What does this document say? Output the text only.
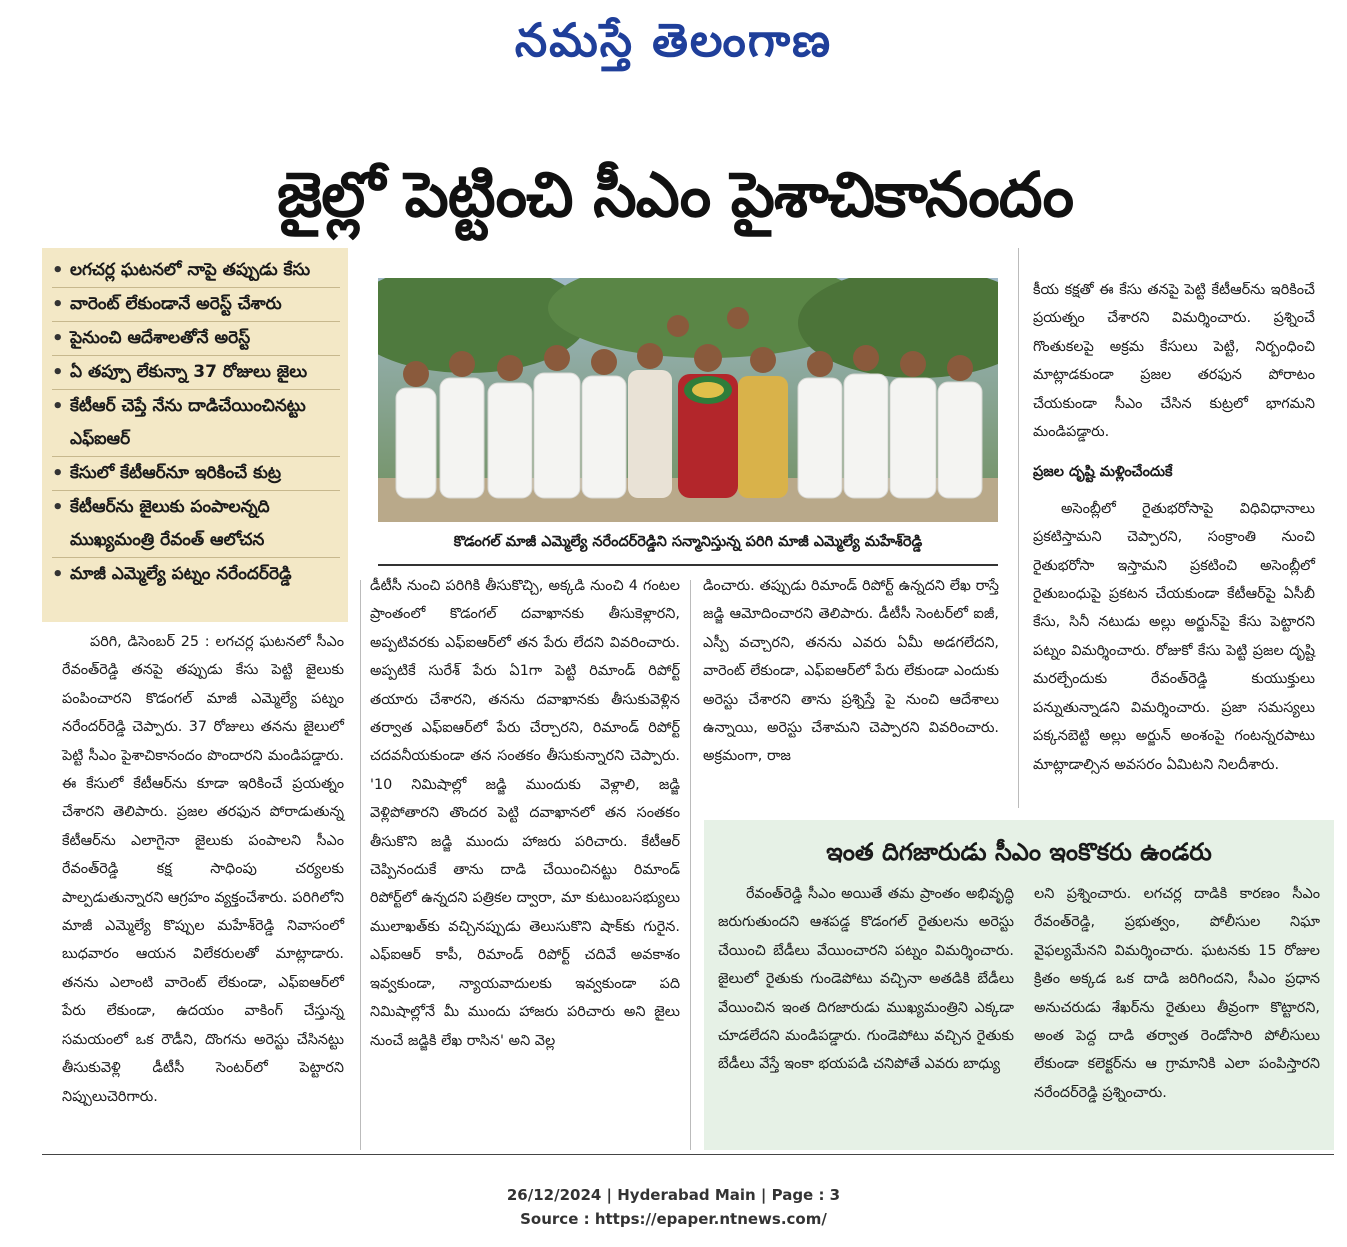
నమస్తే తెలంగాణ
జైల్లో పెట్టించి సీఎం పైశాచికానందం
• లగచర్ల ఘటనలో నాపై తప్పుడు కేసు
• వారెంట్ లేకుండానే అరెస్ట్ చేశారు
• పైనుంచి ఆదేశాలతోనే అరెస్ట్
• ఏ తప్పూ లేకున్నా 37 రోజులు జైలు
• కేటీఆర్ చెప్తే నేను దాడిచేయించినట్టు ఎఫ్ఐఆర్
• కేసులో కేటీఆర్‌నూ ఇరికించే కుట్ర
• కేటీఆర్‌ను జైలుకు పంపాలన్నది ముఖ్యమంత్రి రేవంత్ ఆలోచన
• మాజీ ఎమ్మెల్యే పట్నం నరేందర్‌రెడ్డి
కొడంగల్ మాజీ ఎమ్మెల్యే నరేందర్‌రెడ్డిని సన్మానిస్తున్న పరిగి మాజీ ఎమ్మెల్యే మహేశ్‌రెడ్డి

పరిగి, డిసెంబర్ 25 : లగచర్ల ఘటనలో సీఎం రేవంత్‌రెడ్డి తనపై తప్పుడు కేసు పెట్టి జైలుకు పంపించారని కొడంగల్ మాజీ ఎమ్మెల్యే పట్నం నరేందర్‌రెడ్డి చెప్పారు. 37 రోజులు తనను జైలులో పెట్టి సీఎం పైశాచికానందం పొందారని మండిపడ్డారు. ఈ కేసులో కేటీఆర్‌ను కూడా ఇరికించే ప్రయత్నం చేశారని తెలిపారు. ప్రజల తరఫున పోరాడుతున్న కేటీఆర్‌ను ఎలాగైనా జైలుకు పంపాలని సీఎం రేవంత్‌రెడ్డి కక్ష సాధింపు చర్యలకు పాల్పడుతున్నారని ఆగ్రహం వ్యక్తంచేశారు. పరిగిలోని మాజీ ఎమ్మెల్యే కొప్పుల మహేశ్‌రెడ్డి నివాసంలో బుధవారం ఆయన విలేకరులతో మాట్లాడారు. తనను ఎలాంటి వారెంట్ లేకుండా, ఎఫ్ఐఆర్‌లో పేరు లేకుండా, ఉదయం వాకింగ్ చేస్తున్న సమయంలో ఒక రౌడీని, దొంగను అరెస్టు చేసినట్టు తీసుకువెళ్లి డీటీసీ సెంటర్‌లో పెట్టారని నిప్పులుచెరిగారు.

డీటీసీ నుంచి పరిగికి తీసుకొచ్చి, అక్కడి నుంచి 4 గంటల ప్రాంతంలో కొడంగల్ దవాఖానకు తీసుకెళ్లారని, అప్పటివరకు ఎఫ్ఐఆర్‌లో తన పేరు లేదని వివరించారు. అప్పటికే సురేశ్ పేరు ఏ1గా పెట్టి రిమాండ్ రిపోర్ట్ తయారు చేశారని, తనను దవాఖానకు తీసుకువెళ్లిన తర్వాత ఎఫ్ఐఆర్‌లో పేరు చేర్చారని, రిమాండ్ రిపోర్ట్ చదవనీయకుండా తన సంతకం తీసుకున్నారని చెప్పారు. '10 నిమిషాల్లో జడ్జి ముందుకు వెళ్లాలి, జడ్జి వెళ్లిపోతారని తొందర పెట్టి దవాఖానలో తన సంతకం తీసుకొని జడ్జి ముందు హాజరు పరిచారు. కేటీఆర్ చెప్పినందుకే తాను దాడి చేయించినట్టు రిమాండ్ రిపోర్ట్‌లో ఉన్నదని పత్రికల ద్వారా, మా కుటుంబసభ్యులు ములాఖత్‌కు వచ్చినప్పుడు తెలుసుకొని షాక్‌కు గురైన. ఎఫ్ఐఆర్ కాపీ, రిమాండ్ రిపోర్ట్ చదివే అవకాశం ఇవ్వకుండా, న్యాయవాదులకు ఇవ్వకుండా పది నిమిషాల్లోనే మీ ముందు హాజరు పరిచారు అని జైలు నుంచే జడ్జికి లేఖ రాసిన' అని వెల్ల

డించారు. తప్పుడు రిమాండ్ రిపోర్ట్ ఉన్నదని లేఖ రాస్తే జడ్జి ఆమోదించారని తెలిపారు. డీటీసీ సెంటర్‌లో ఐజీ, ఎస్పీ వచ్చారని, తనను ఎవరు ఏమీ అడగలేదని, వారెంట్ లేకుండా, ఎఫ్ఐఆర్‌లో పేరు లేకుండా ఎందుకు అరెస్టు చేశారని తాను ప్రశ్నిస్తే పై నుంచి ఆదేశాలు ఉన్నాయి, అరెస్టు చేశామని చెప్పారని వివరించారు. అక్రమంగా, రాజ

కీయ కక్షతో ఈ కేసు తనపై పెట్టి కేటీఆర్‌ను ఇరికించే ప్రయత్నం చేశారని విమర్శించారు. ప్రశ్నించే గొంతుకలపై అక్రమ కేసులు పెట్టి, నిర్బంధించి మాట్లాడకుండా ప్రజల తరఫున పోరాటం చేయకుండా సీఎం చేసిన కుట్రలో భాగమని మండిపడ్డారు.

ప్రజల దృష్టి మళ్లించేందుకే

అసెంబ్లీలో రైతుభరోసాపై విధివిధానాలు ప్రకటిస్తామని చెప్పారని, సంక్రాంతి నుంచి రైతుభరోసా ఇస్తామని ప్రకటించి అసెంబ్లీలో రైతుబంధుపై ప్రకటన చేయకుండా కేటీఆర్‌పై ఏసీబీ కేసు, సినీ నటుడు అల్లు అర్జున్‌పై కేసు పెట్టారని పట్నం విమర్శించారు. రోజుకో కేసు పెట్టి ప్రజల దృష్టి మరల్చేందుకు రేవంత్‌రెడ్డి కుయుక్తులు పన్నుతున్నాడని విమర్శించారు. ప్రజా సమస్యలు పక్కనబెట్టి అల్లు అర్జున్ అంశంపై గంటన్నరపాటు మాట్లాడాల్సిన అవసరం ఏమిటని నిలదీశారు.

ఇంత దిగజారుడు సీఎం ఇంకొకరు ఉండరు

రేవంత్‌రెడ్డి సీఎం అయితే తమ ప్రాంతం అభివృద్ధి జరుగుతుందని ఆశపడ్డ కొడంగల్ రైతులను అరెస్టు చేయించి బేడీలు వేయించారని పట్నం విమర్శించారు. జైలులో రైతుకు గుండెపోటు వచ్చినా అతడికి బేడీలు వేయించిన ఇంత దిగజారుడు ముఖ్యమంత్రిని ఎక్కడా చూడలేదని మండిపడ్డారు. గుండెపోటు వచ్చిన రైతుకు బేడీలు వేస్తే ఇంకా భయపడి చనిపోతే ఎవరు బాధ్యు

లని ప్రశ్నించారు. లగచర్ల దాడికి కారణం సీఎం రేవంత్‌రెడ్డి, ప్రభుత్వం, పోలీసుల నిఘా వైఫల్యమేనని విమర్శించారు. ఘటనకు 15 రోజుల క్రితం అక్కడ ఒక దాడి జరిగిందని, సీఎం ప్రధాన అనుచరుడు శేఖర్‌ను రైతులు తీవ్రంగా కొట్టారని, అంత పెద్ద దాడి తర్వాత రెండోసారి పోలీసులు లేకుండా కలెక్టర్‌ను ఆ గ్రామానికి ఎలా పంపిస్తారని నరేందర్‌రెడ్డి ప్రశ్నించారు.

26/12/2024 | Hyderabad Main | Page : 3
Source : https://epaper.ntnews.com/
